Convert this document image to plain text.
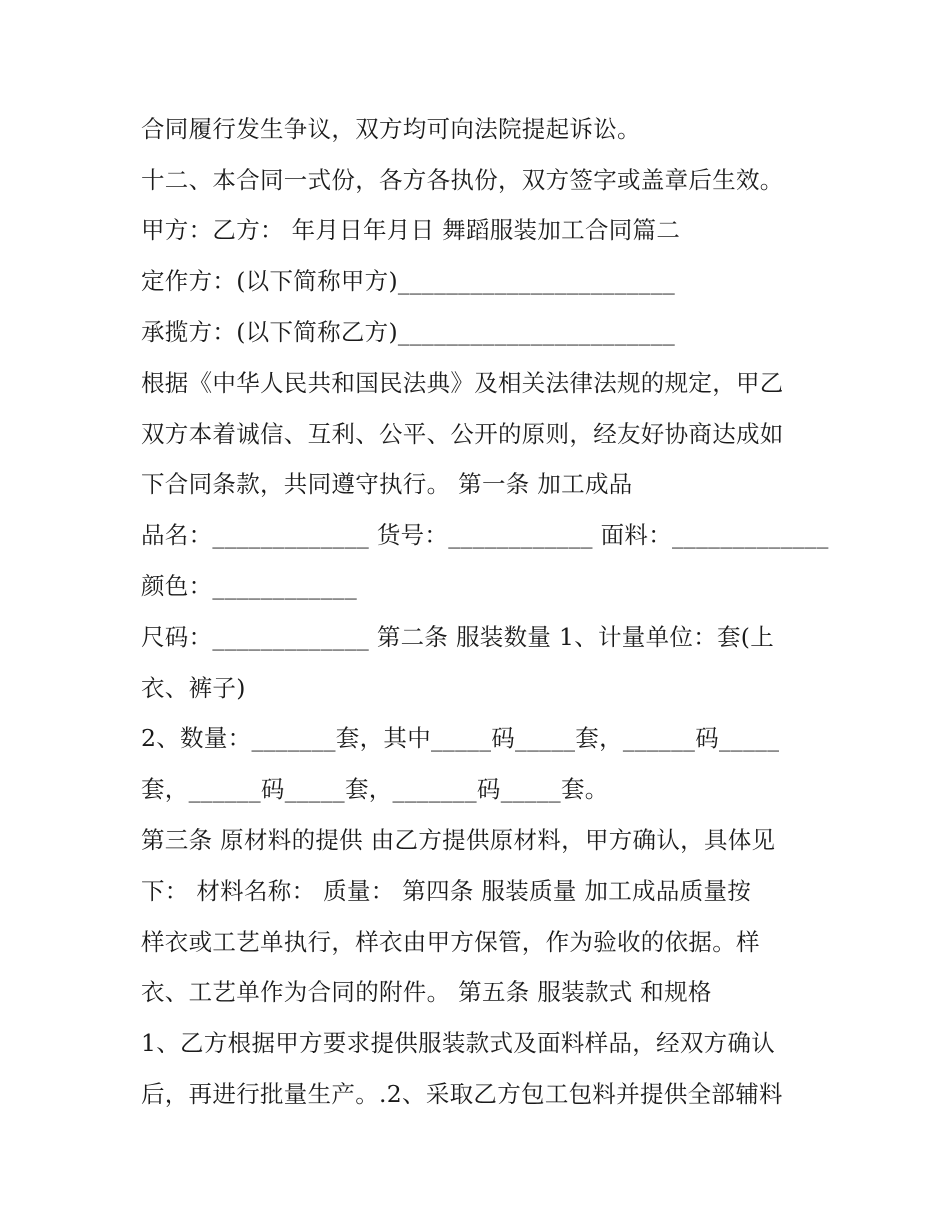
合同履行发生争议，双方均可向法院提起诉讼。
十二、本合同一式份，各方各执份，双方签字或盖章后生效。
甲方：乙方： 年月日年月日 舞蹈服装加工合同篇二
定作方：(以下简称甲方)_______________________
承揽方：(以下简称乙方)_______________________
根据《中华人民共和国民法典》及相关法律法规的规定，甲乙
双方本着诚信、互利、公平、公开的原则，经友好协商达成如
下合同条款，共同遵守执行。 第一条 加工成品
品名：_____________ 货号：____________ 面料：_____________
颜色：____________
尺码：_____________ 第二条 服装数量 1、计量单位：套(上
衣、裤子)
2、数量：_______套，其中_____码_____套，______码_____
套，______码_____套，_______码_____套。
第三条 原材料的提供 由乙方提供原材料，甲方确认，具体见
下： 材料名称： 质量： 第四条 服装质量 加工成品质量按
样衣或工艺单执行，样衣由甲方保管，作为验收的依据。样
衣、工艺单作为合同的附件。 第五条 服装款式 和规格
1、乙方根据甲方要求提供服装款式及面料样品，经双方确认
后，再进行批量生产。.2、采取乙方包工包料并提供全部辅料
